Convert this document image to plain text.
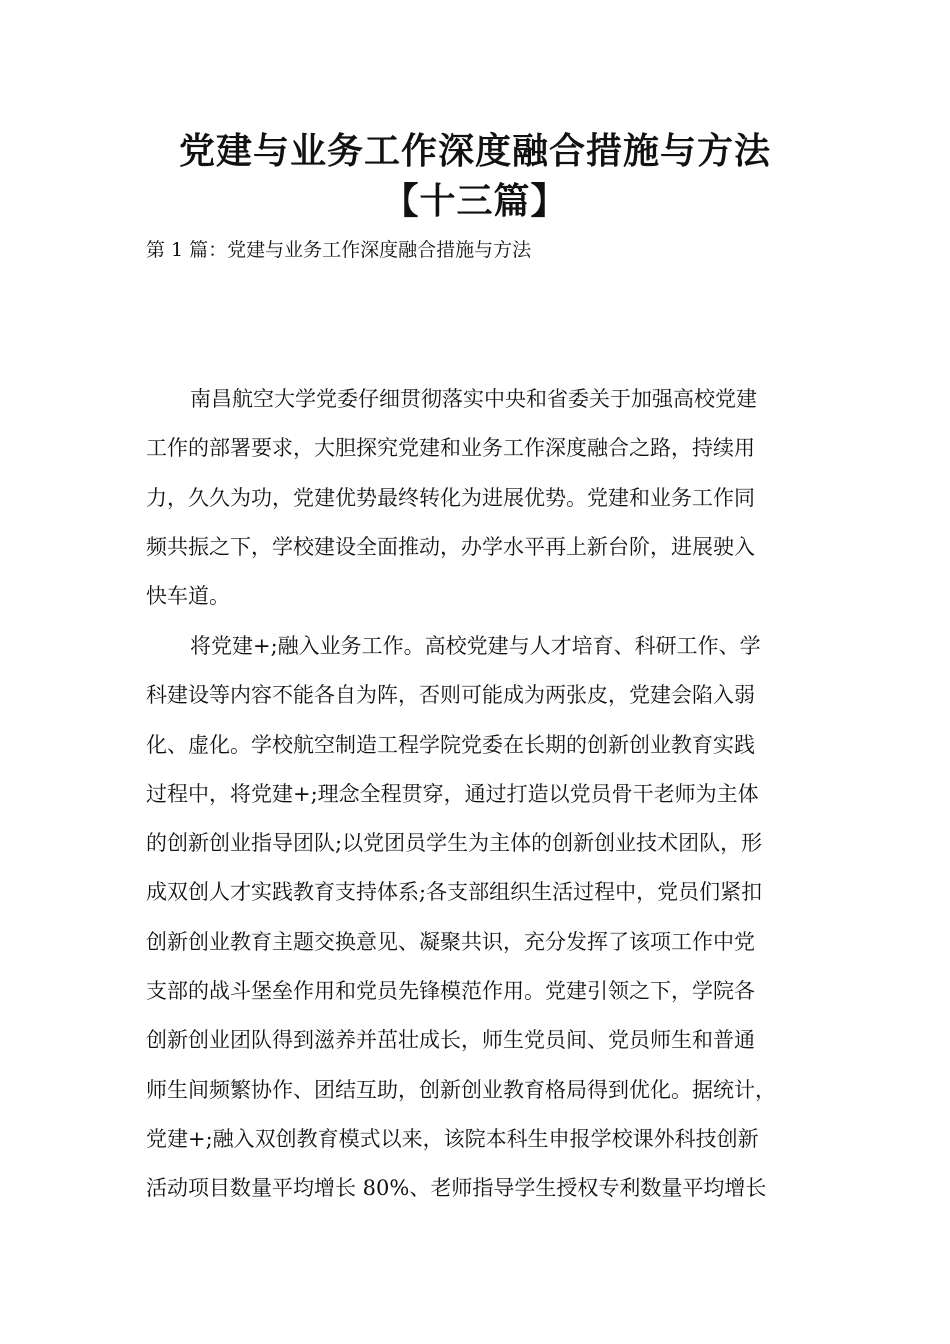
党建与业务工作深度融合措施与方法
【十三篇】
第 1 篇：党建与业务工作深度融合措施与方法
南昌航空大学党委仔细贯彻落实中央和省委关于加强高校党建
工作的部署要求，大胆探究党建和业务工作深度融合之路，持续用
力，久久为功，党建优势最终转化为进展优势。党建和业务工作同
频共振之下，学校建设全面推动，办学水平再上新台阶，进展驶入
快车道。
将党建+;融入业务工作。高校党建与人才培育、科研工作、学
科建设等内容不能各自为阵，否则可能成为两张皮，党建会陷入弱
化、虚化。学校航空制造工程学院党委在长期的创新创业教育实践
过程中，将党建+;理念全程贯穿，通过打造以党员骨干老师为主体
的创新创业指导团队;以党团员学生为主体的创新创业技术团队，形
成双创人才实践教育支持体系;各支部组织生活过程中，党员们紧扣
创新创业教育主题交换意见、凝聚共识，充分发挥了该项工作中党
支部的战斗堡垒作用和党员先锋模范作用。党建引领之下，学院各
创新创业团队得到滋养并茁壮成长，师生党员间、党员师生和普通
师生间频繁协作、团结互助，创新创业教育格局得到优化。据统计，
党建+;融入双创教育模式以来，该院本科生申报学校课外科技创新
活动项目数量平均增长 80%、老师指导学生授权专利数量平均增长
